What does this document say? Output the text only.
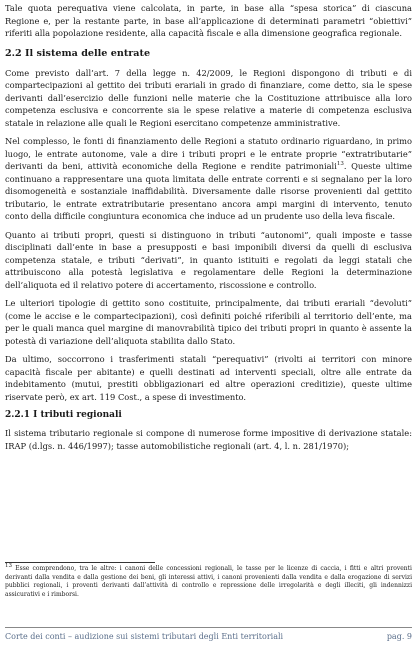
Tale quota perequativa viene calcolata, in parte, in base alla “spesa storica” di ciascuna Regione e, per la restante parte, in base all’applicazione di determinati parametri “obiettivi” riferiti alla popolazione residente, alla capacità fiscale e alla dimensione geografica regionale.

2.2 Il sistema delle entrate

Come previsto dall’art. 7 della legge n. 42/2009, le Regioni dispongono di tributi e di compartecipazioni al gettito dei tributi erariali in grado di finanziare, come detto, sia le spese derivanti dall’esercizio delle funzioni nelle materie che la Costituzione attribuisce alla loro competenza esclusiva e concorrente sia le spese relative a materie di competenza esclusiva statale in relazione alle quali le Regioni esercitano competenze amministrative.

Nel complesso, le fonti di finanziamento delle Regioni a statuto ordinario riguardano, in primo luogo, le entrate autonome, vale a dire i tributi propri e le entrate proprie “extratributarie” derivanti da beni, attività economiche della Regione e rendite patrimoniali$^{13}$. Queste ultime continuano a rappresentare una quota limitata delle entrate correnti e si segnalano per la loro disomogeneità e sostanziale inaffidabilità. Diversamente dalle risorse provenienti dal gettito tributario, le entrate extratributarie presentano ancora ampi margini di intervento, tenuto conto della difficile congiuntura economica che induce ad un prudente uso della leva fiscale.

Quanto ai tributi propri, questi si distinguono in tributi “autonomi”, quali imposte e tasse disciplinati dall’ente in base a presupposti e basi imponibili diversi da quelli di esclusiva competenza statale, e tributi “derivati”, in quanto istituiti e regolati da leggi statali che attribuiscono alla potestà legislativa e regolamentare delle Regioni la determinazione dell’aliquota ed il relativo potere di accertamento, riscossione e controllo.

Le ulteriori tipologie di gettito sono costituite, principalmente, dai tributi erariali “devoluti” (come le accise e le compartecipazioni), così definiti poiché riferibili al territorio dell’ente, ma per le quali manca quel margine di manovrabilità tipico dei tributi propri in quanto è assente la potestà di variazione dell’aliquota stabilita dallo Stato.

Da ultimo, soccorrono i trasferimenti statali “perequativi” (rivolti ai territori con minore capacità fiscale per abitante) e quelli destinati ad interventi speciali, oltre alle entrate da indebitamento (mutui, prestiti obbligazionari ed altre operazioni creditizie), queste ultime riservate però, ex art. 119 Cost., a spese di investimento.

2.2.1 I tributi regionali

Il sistema tributario regionale si compone di numerose forme impositive di derivazione statale: IRAP (d.lgs. n. 446/1997); tasse automobilistiche regionali (art. 4, l. n. 281/1970);

$^{13}$ Esse comprendono, tra le altre: i canoni delle concessioni regionali, le tasse per le licenze di caccia, i fitti e altri proventi derivanti dalla vendita e dalla gestione dei beni, gli interessi attivi, i canoni provenienti dalla vendita e dalla erogazione di servizi pubblici regionali, i proventi derivanti dall’attività di controllo e repressione delle irregolarità e degli illeciti, gli indennizzi assicurativi e i rimborsi.

Corte dei conti – audizione sui sistemi tributari degli Enti territoriali	pag. 9
